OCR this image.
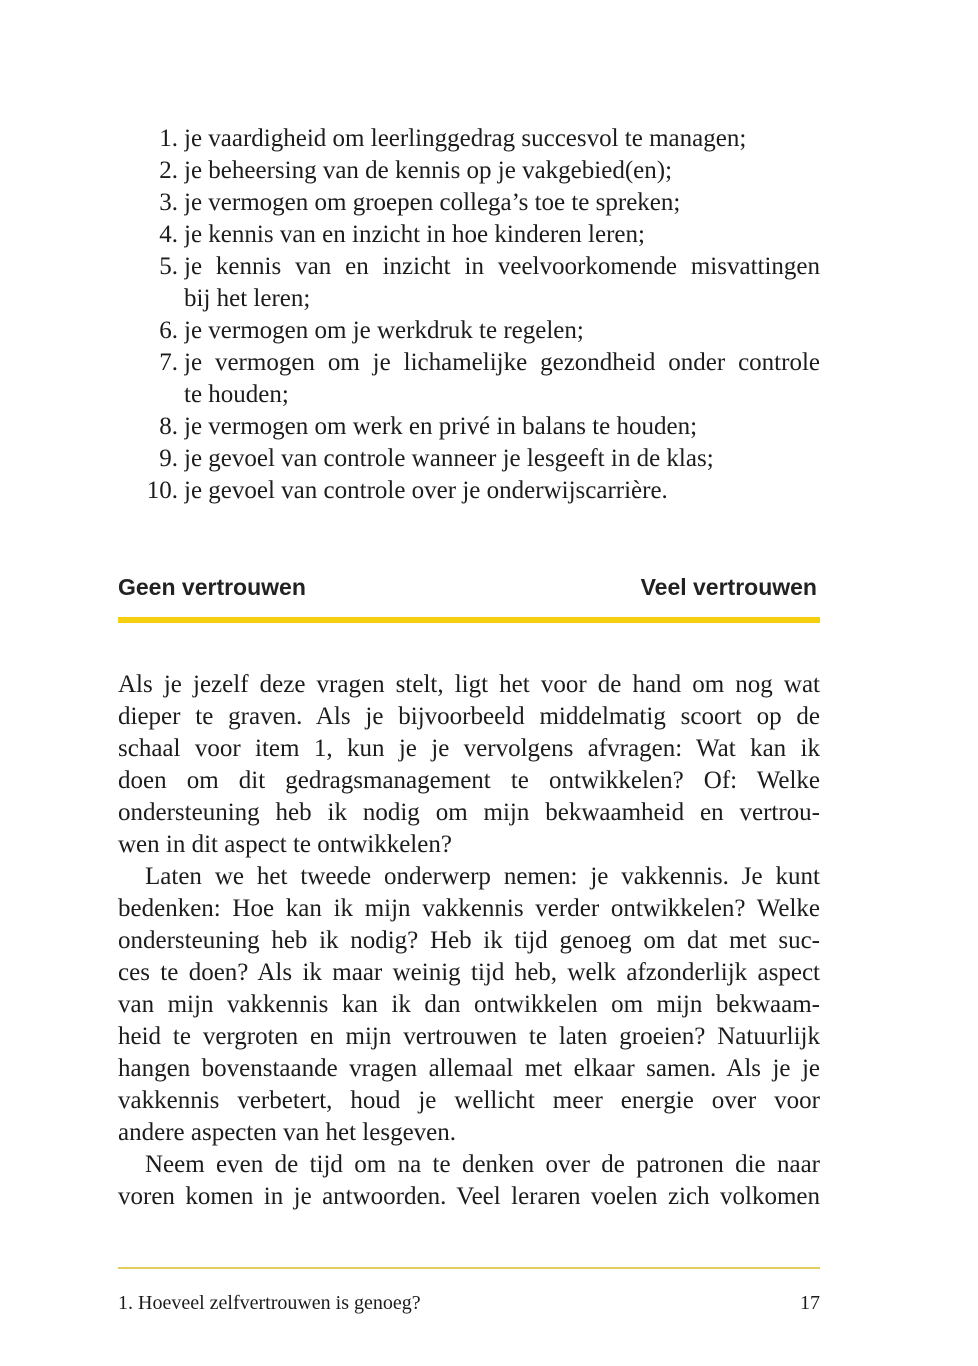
1. je vaardigheid om leerlinggedrag succesvol te managen;
2. je beheersing van de kennis op je vakgebied(en);
3. je vermogen om groepen collega’s toe te spreken;
4. je kennis van en inzicht in hoe kinderen leren;
5. je kennis van en inzicht in veelvoorkomende misvattingen
bij het leren;
6. je vermogen om je werkdruk te regelen;
7. je vermogen om je lichamelijke gezondheid onder controle
te houden;
8. je vermogen om werk en privé in balans te houden;
9. je gevoel van controle wanneer je lesgeeft in de klas;
10. je gevoel van controle over je onderwijscarrière.
Geen vertrouwen	Veel vertrouwen
Als je jezelf deze vragen stelt, ligt het voor de hand om nog wat
dieper te graven. Als je bijvoorbeeld middelmatig scoort op de
schaal voor item 1, kun je je vervolgens afvragen: Wat kan ik
doen om dit gedragsmanagement te ontwikkelen? Of: Welke
ondersteuning heb ik nodig om mijn bekwaamheid en vertrou-
wen in dit aspect te ontwikkelen?
Laten we het tweede onderwerp nemen: je vakkennis. Je kunt
bedenken: Hoe kan ik mijn vakkennis verder ontwikkelen? Welke
ondersteuning heb ik nodig? Heb ik tijd genoeg om dat met suc-
ces te doen? Als ik maar weinig tijd heb, welk afzonderlijk aspect
van mijn vakkennis kan ik dan ontwikkelen om mijn bekwaam-
heid te vergroten en mijn vertrouwen te laten groeien? Natuurlijk
hangen bovenstaande vragen allemaal met elkaar samen. Als je je
vakkennis verbetert, houd je wellicht meer energie over voor
andere aspecten van het lesgeven.
Neem even de tijd om na te denken over de patronen die naar
voren komen in je antwoorden. Veel leraren voelen zich volkomen
1. Hoeveel zelfvertrouwen is genoeg?	17
